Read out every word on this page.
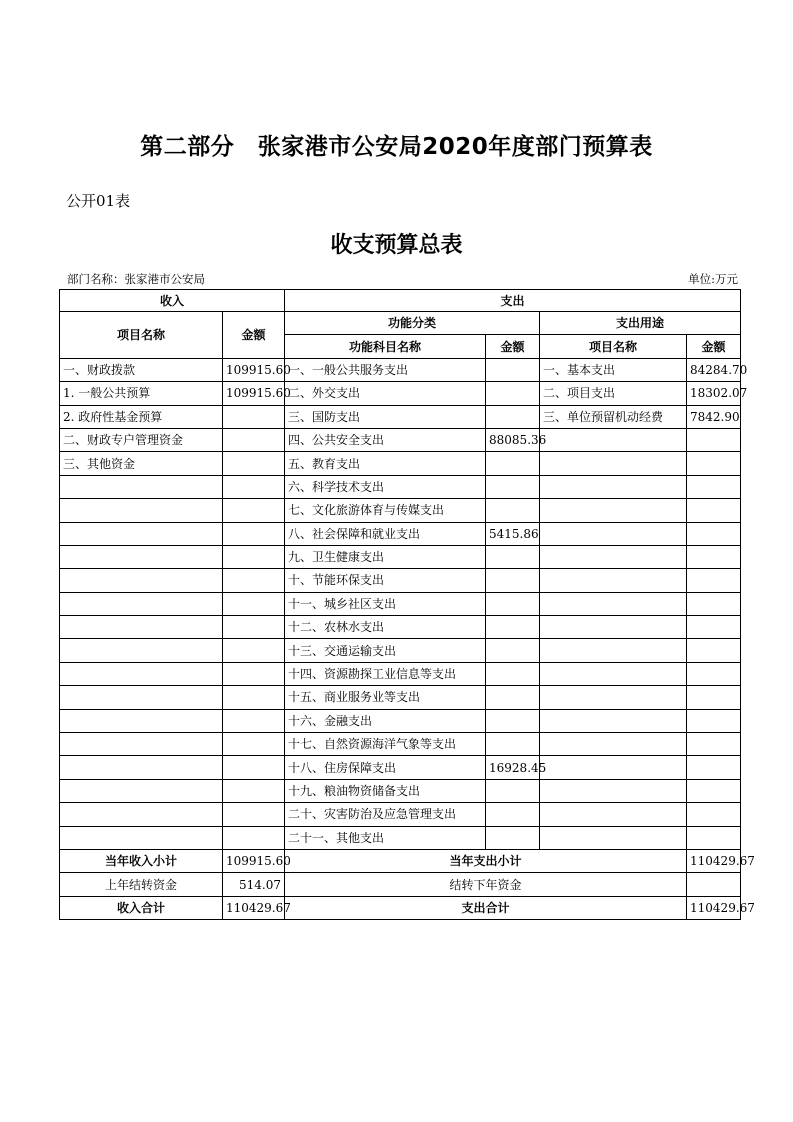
第二部分　张家港市公安局2020年度部门预算表
公开01表
收支预算总表
部门名称：张家港市公安局	单位:万元
收入		支出			
项目名称	金额	功能分类		支出用途	
		功能科目名称	金额	项目名称	金额
一、财政拨款	109915.60	一、一般公共服务支出		一、基本支出	84284.70
1. 一般公共预算	109915.60	二、外交支出		二、项目支出	18302.07
2. 政府性基金预算		三、国防支出		三、单位预留机动经费	7842.90
二、财政专户管理资金		四、公共安全支出	88085.36		
三、其他资金		五、教育支出			
		六、科学技术支出			
		七、文化旅游体育与传媒支出			
		八、社会保障和就业支出	5415.86		
		九、卫生健康支出			
		十、节能环保支出			
		十一、城乡社区支出			
		十二、农林水支出			
		十三、交通运输支出			
		十四、资源勘探工业信息等支出			
		十五、商业服务业等支出			
		十六、金融支出			
		十七、自然资源海洋气象等支出			
		十八、住房保障支出	16928.45		
		十九、粮油物资储备支出			
		二十、灾害防治及应急管理支出			
		二十一、其他支出			
当年收入小计	109915.60	当年支出小计			110429.67
上年结转资金	514.07	结转下年资金			
收入合计	110429.67	支出合计			110429.67
